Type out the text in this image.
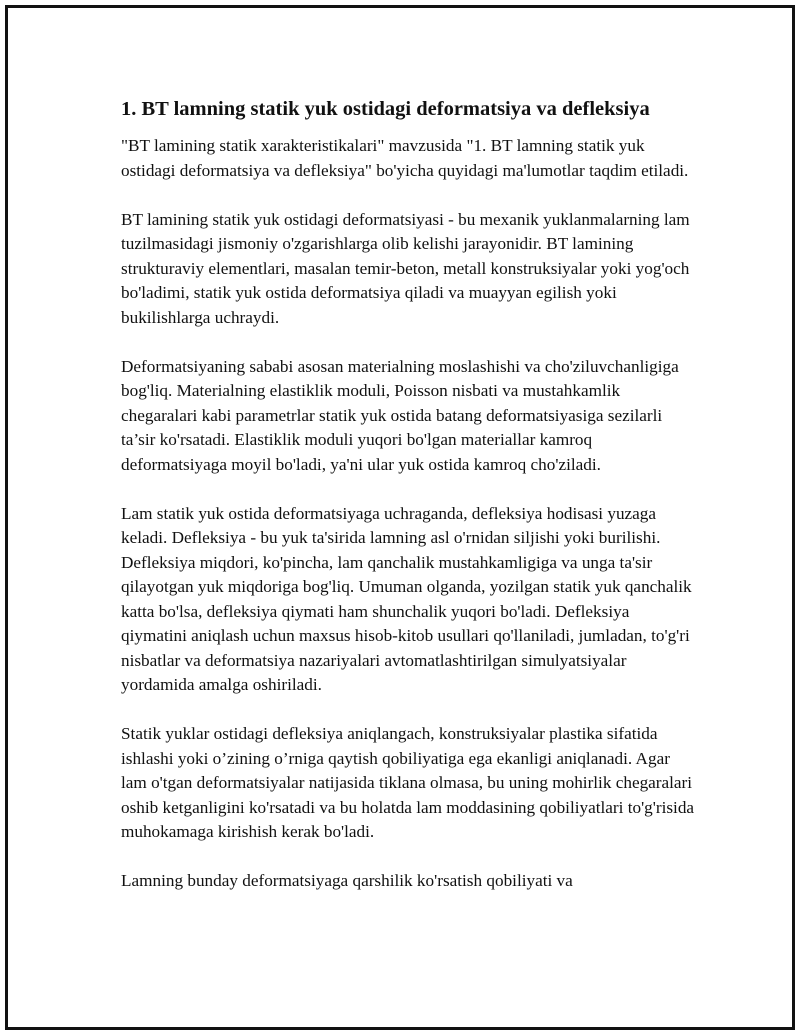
1. BT lamning statik yuk ostidagi deformatsiya va defleksiya

"BT lamining statik xarakteristikalari" mavzusida "1. BT lamning statik yuk ostidagi deformatsiya va defleksiya" bo'yicha quyidagi ma'lumotlar taqdim etiladi.

BT lamining statik yuk ostidagi deformatsiyasi - bu mexanik yuklanmalarning lam tuzilmasidagi jismoniy o'zgarishlarga olib kelishi jarayonidir. BT lamining strukturaviy elementlari, masalan temir-beton, metall konstruksiyalar yoki yog'och bo'ladimi, statik yuk ostida deformatsiya qiladi va muayyan egilish yoki bukilishlarga uchraydi.

Deformatsiyaning sababi asosan materialning moslashishi va cho'ziluvchanligiga bog'liq. Materialning elastiklik moduli, Poisson nisbati va mustahkamlik chegaralari kabi parametrlar statik yuk ostida batang deformatsiyasiga sezilarli ta’sir ko'rsatadi. Elastiklik moduli yuqori bo'lgan materiallar kamroq deformatsiyaga moyil bo'ladi, ya'ni ular yuk ostida kamroq cho'ziladi.

Lam statik yuk ostida deformatsiyaga uchraganda, defleksiya hodisasi yuzaga keladi. Defleksiya - bu yuk ta'sirida lamning asl o'rnidan siljishi yoki burilishi. Defleksiya miqdori, ko'pincha, lam qanchalik mustahkamligiga va unga ta'sir qilayotgan yuk miqdoriga bog'liq. Umuman olganda, yozilgan statik yuk qanchalik katta bo'lsa, defleksiya qiymati ham shunchalik yuqori bo'ladi. Defleksiya qiymatini aniqlash uchun maxsus hisob-kitob usullari qo'llaniladi, jumladan, to'g'ri nisbatlar va deformatsiya nazariyalari avtomatlashtirilgan simulyatsiyalar yordamida amalga oshiriladi.

Statik yuklar ostidagi defleksiya aniqlangach, konstruksiyalar plastika sifatida ishlashi yoki o’zining o’rniga qaytish qobiliyatiga ega ekanligi aniqlanadi. Agar lam o'tgan deformatsiyalar natijasida tiklana olmasa, bu uning mohirlik chegaralari oshib ketganligini ko'rsatadi va bu holatda lam moddasining qobiliyatlari to'g'risida muhokamaga kirishish kerak bo'ladi.

Lamning bunday deformatsiyaga qarshilik ko'rsatish qobiliyati va
